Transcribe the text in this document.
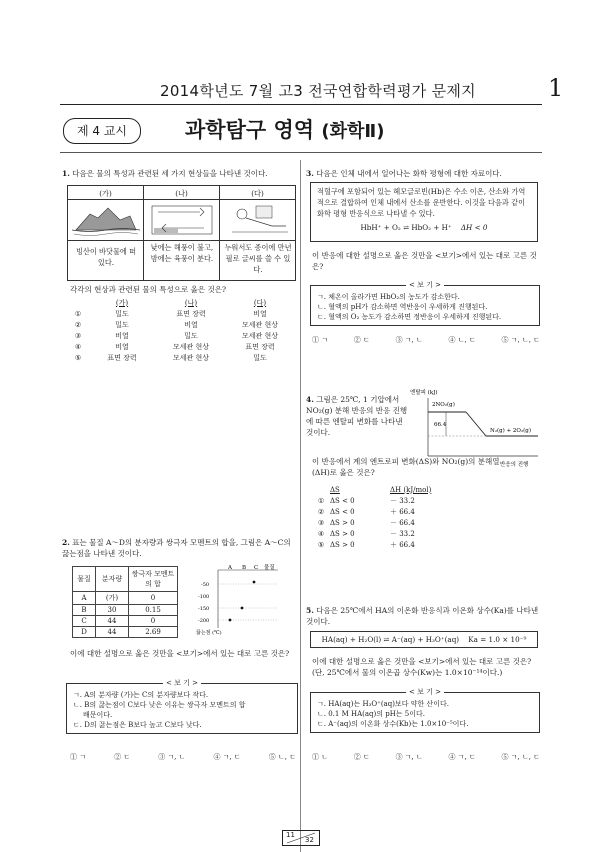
2014학년도 7월 고3 전국연합학력평가 문제지	1
제 4 교시	과학탐구 영역 (화학Ⅱ)
1. 다음은 물의 특성과 관련된 세 가지 현상들을 나타낸 것이다.
(가)	(나)	(다)
빙산이 바닷물에 떠 있다.
낮에는 해풍이 불고, 밤에는 육풍이 분다.
누워서도 종이에 만년필로 글씨를 쓸 수 있다.
각각의 현상과 관련된 물의 특성으로 옳은 것은?
	(가)	(나)	(다)
①	밀도	표면 장력	비열
②	밀도	비열	모세관 현상
③	비열	밀도	모세관 현상
④	비열	모세관 현상	표면 장력
⑤	표면 장력	모세관 현상	밀도
2. 표는 물질 A～D의 분자량과 쌍극자 모멘트의 합을, 그림은 A～C의 끓는점을 나타낸 것이다.
물질	분자량	쌍극자 모멘트의 합
A	(가)	0
B	30	0.15
C	44	0
D	44	2.69
A B C 물질
-50
-100
-150
-200
끓는점 (℃)
이에 대한 설명으로 옳은 것만을 <보기>에서 있는 대로 고른 것은?
< 보 기 >
ㄱ. A의 분자량 (가)는 C의 분자량보다 작다.
ㄴ. B의 끓는점이 C보다 낮은 이유는 쌍극자 모멘트의 합
배문이다.
ㄷ. D의 끓는점은 B보다 높고 C보다 낮다.
① ㄱ	② ㄷ	③ ㄱ, ㄴ	④ ㄱ, ㄷ	⑤ ㄴ, ㄷ
3. 다음은 인체 내에서 일어나는 화학 평형에 대한 자료이다.
적혈구에 포함되어 있는 헤모글로빈(Hb)은 수소 이온, 산소와 가역적으로 결합하여 인체 내에서 산소를 운반한다. 이것을 다음과 같이 화학 평형 반응식으로 나타낼 수 있다.
HbH⁺ + O₂ ⇌ HbO₂ + H⁺ ΔH < 0
이 반응에 대한 설명으로 옳은 것만을 <보기>에서 있는 대로 고른 것은?
< 보 기 >
ㄱ. 체온이 올라가면 HbO₂의 농도가 감소한다.
ㄴ. 혈액의 pH가 감소하면 역반응이 우세하게 진행된다.
ㄷ. 혈액의 O₂ 농도가 감소하면 정반응이 우세하게 진행된다.
① ㄱ	② ㄷ	③ ㄱ, ㄴ	④ ㄴ, ㄷ	⑤ ㄱ, ㄴ, ㄷ
4. 그림은 25℃, 1 기압에서 NO₂(g) 분해 반응의 반응 진행에 따른 엔탈피 변화를 나타낸 것이다.
엔탈피 (kJ)
66.4
2NO₂(g)
N₂(g) + 2O₂(g)
반응의 진행
이 반응에서 계의 엔트로피 변화(ΔS)와 NO₂(g)의 분해열(ΔH)로 옳은 것은?
	ΔS	ΔH (kJ/mol)
①	ΔS < 0	－ 33.2
②	ΔS < 0	＋ 66.4
③	ΔS > 0	－ 66.4
④	ΔS > 0	－ 33.2
⑤	ΔS > 0	＋ 66.4
5. 다음은 25℃에서 HA의 이온화 반응식과 이온화 상수(Ka)를 나타낸 것이다.
HA(aq) + H₂O(l) ⇌ A⁻(aq) + H₃O⁺(aq) Ka = 1.0 × 10⁻⁹
이에 대한 설명으로 옳은 것만을 <보기>에서 있는 대로 고른 것은? (단, 25℃에서 물의 이온곱 상수(Kw)는 1.0×10⁻¹⁴이다.)
< 보 기 >
ㄱ. HA(aq)는 H₃O⁺(aq)보다 약한 산이다.
ㄴ. 0.1 M HA(aq)의 pH는 5이다.
ㄷ. A⁻(aq)의 이온화 상수(Kb)는 1.0×10⁻⁵이다.
① ㄴ	② ㄷ	③ ㄱ, ㄴ	④ ㄱ, ㄷ	⑤ ㄱ, ㄴ, ㄷ
11
32
